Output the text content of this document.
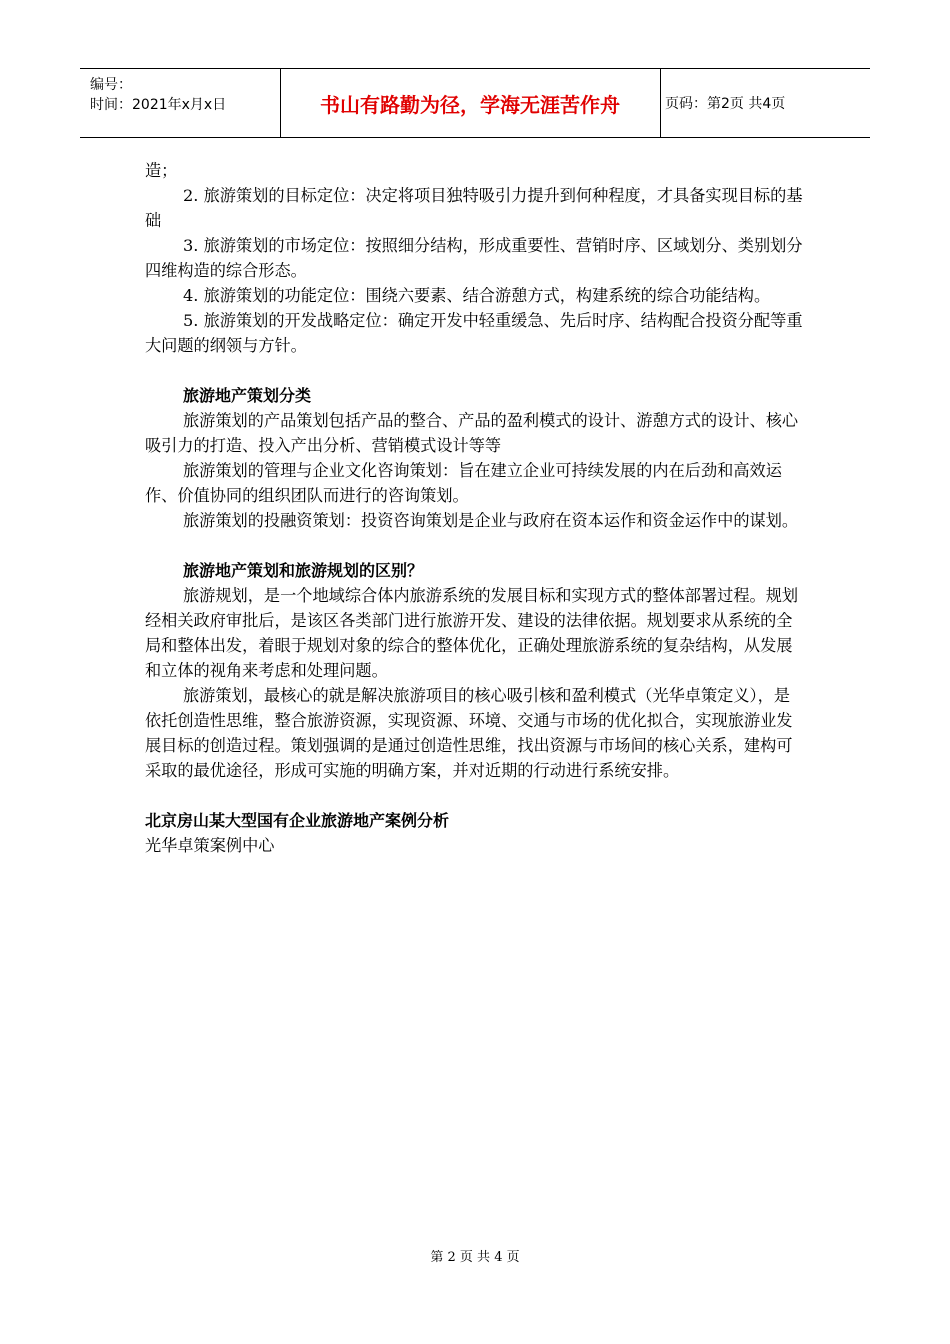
编号：
时间：2021年x月x日	书山有路勤为径，学海无涯苦作舟	页码：第2页 共4页

造；

2. 旅游策划的目标定位：决定将项目独特吸引力提升到何种程度，才具备实现目标的基础

3. 旅游策划的市场定位：按照细分结构，形成重要性、营销时序、区域划分、类别划分四维构造的综合形态。

4. 旅游策划的功能定位：围绕六要素、结合游憩方式，构建系统的综合功能结构。

5. 旅游策划的开发战略定位：确定开发中轻重缓急、先后时序、结构配合投资分配等重大问题的纲领与方针。

旅游地产策划分类

旅游策划的产品策划包括产品的整合、产品的盈利模式的设计、游憩方式的设计、核心吸引力的打造、投入产出分析、营销模式设计等等

旅游策划的管理与企业文化咨询策划：旨在建立企业可持续发展的内在后劲和高效运作、价值协同的组织团队而进行的咨询策划。

旅游策划的投融资策划：投资咨询策划是企业与政府在资本运作和资金运作中的谋划。

旅游地产策划和旅游规划的区别？

旅游规划，是一个地域综合体内旅游系统的发展目标和实现方式的整体部署过程。规划经相关政府审批后，是该区各类部门进行旅游开发、建设的法律依据。规划要求从系统的全局和整体出发，着眼于规划对象的综合的整体优化，正确处理旅游系统的复杂结构，从发展和立体的视角来考虑和处理问题。

旅游策划，最核心的就是解决旅游项目的核心吸引核和盈利模式（光华卓策定义），是依托创造性思维，整合旅游资源，实现资源、环境、交通与市场的优化拟合，实现旅游业发展目标的创造过程。策划强调的是通过创造性思维，找出资源与市场间的核心关系，建构可采取的最优途径，形成可实施的明确方案，并对近期的行动进行系统安排。

北京房山某大型国有企业旅游地产案例分析

光华卓策案例中心

第 2 页 共 4 页
